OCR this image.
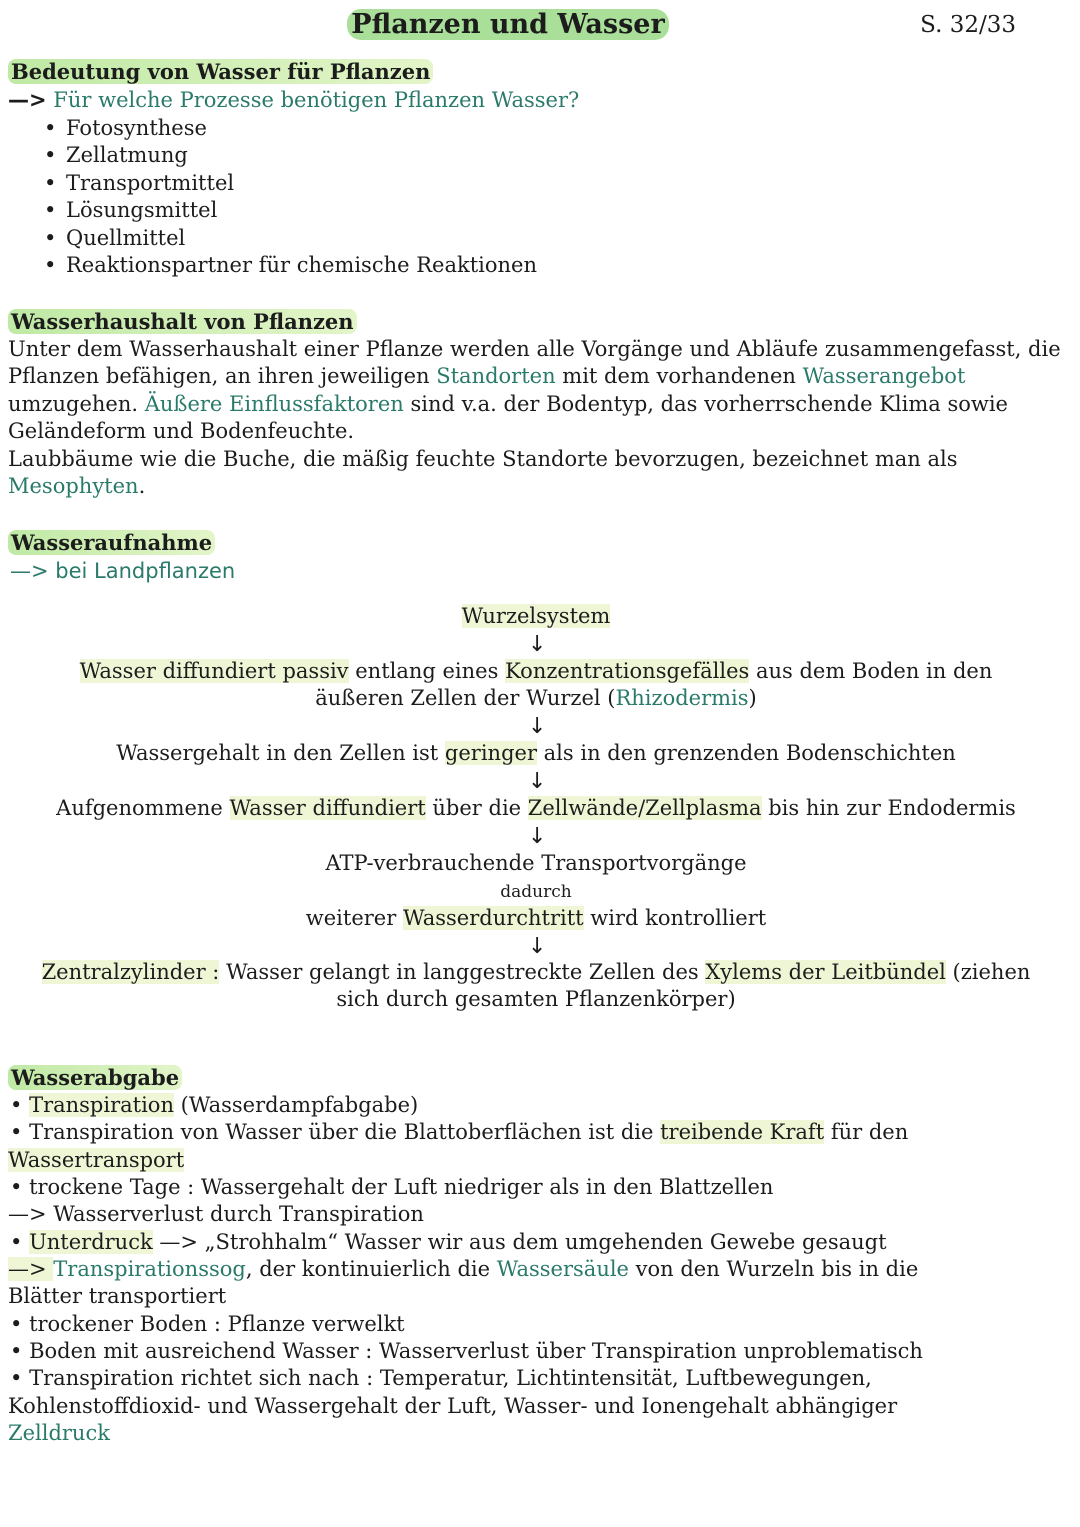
Pflanzen und Wasser	S. 32/33
Bedeutung von Wasser für Pflanzen
—> Für welche Prozesse benötigen Pflanzen Wasser?
• Fotosynthese
• Zellatmung
• Transportmittel
• Lösungsmittel
• Quellmittel
• Reaktionspartner für chemische Reaktionen
Wasserhaushalt von Pflanzen
Unter dem Wasserhaushalt einer Pflanze werden alle Vorgänge und Abläufe zusammengefasst, die Pflanzen befähigen, an ihren jeweiligen Standorten mit dem vorhandenen Wasserangebot umzugehen. Äußere Einflussfaktoren sind v.a. der Bodentyp, das vorherrschende Klima sowie Geländeform und Bodenfeuchte.
Laubbäume wie die Buche, die mäßig feuchte Standorte bevorzugen, bezeichnet man als Mesophyten.
Wasseraufnahme
—> bei Landpflanzen
Wurzelsystem
↓
Wasser diffundiert passiv entlang eines Konzentrationsgefälles aus dem Boden in den
äußeren Zellen der Wurzel (Rhizodermis)
↓
Wassergehalt in den Zellen ist geringer als in den grenzenden Bodenschichten
↓
Aufgenommene Wasser diffundiert über die Zellwände/Zellplasma bis hin zur Endodermis
↓
ATP-verbrauchende Transportvorgänge
dadurch
weiterer Wasserdurchtritt wird kontrolliert
↓
Zentralzylinder : Wasser gelangt in langgestreckte Zellen des Xylems der Leitbündel (ziehen
sich durch gesamten Pflanzenkörper)
Wasserabgabe
• Transpiration (Wasserdampfabgabe)
• Transpiration von Wasser über die Blattoberflächen ist die treibende Kraft für den
Wassertransport
• trockene Tage : Wassergehalt der Luft niedriger als in den Blattzellen
—> Wasserverlust durch Transpiration
• Unterdruck —> „Strohhalm“ Wasser wir aus dem umgehenden Gewebe gesaugt
—> Transpirationssog, der kontinuierlich die Wassersäule von den Wurzeln bis in die
Blätter transportiert
• trockener Boden : Pflanze verwelkt
• Boden mit ausreichend Wasser : Wasserverlust über Transpiration unproblematisch
• Transpiration richtet sich nach : Temperatur, Lichtintensität, Luftbewegungen,
Kohlenstoffdioxid- und Wassergehalt der Luft, Wasser- und Ionengehalt abhängiger
Zelldruck
